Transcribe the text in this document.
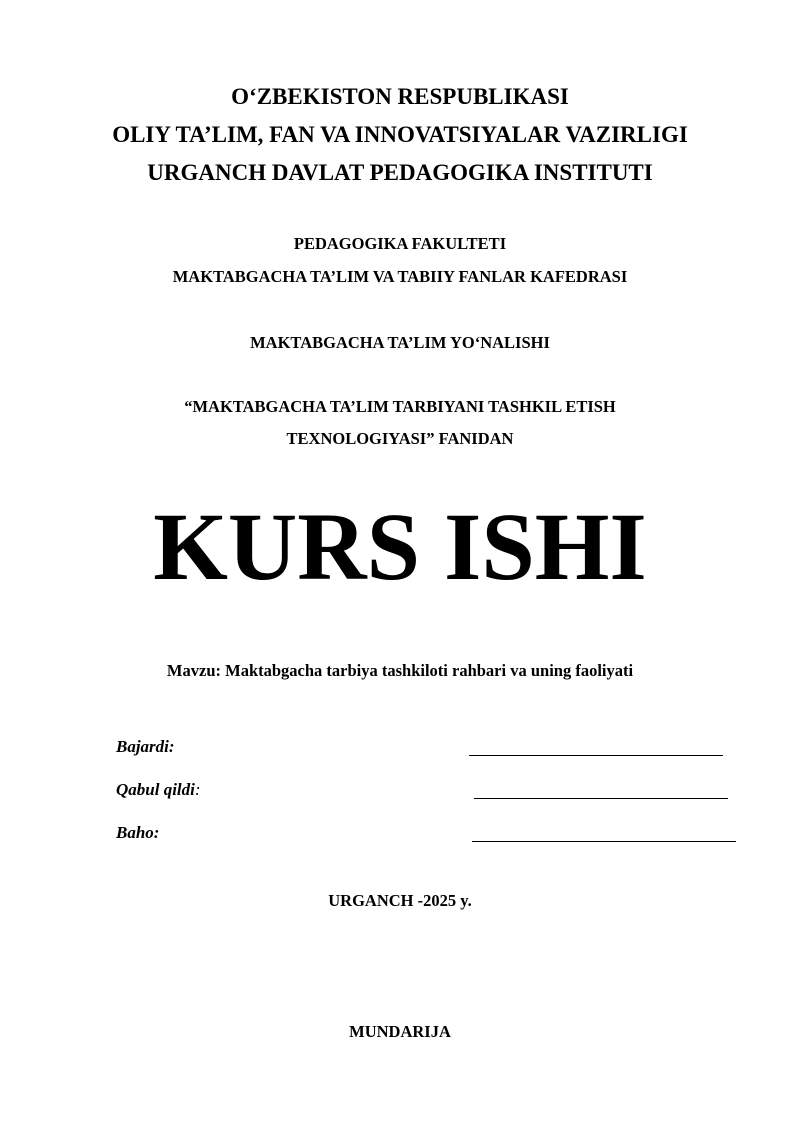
O‘ZBEKISTON RESPUBLIKASI
OLIY TA’LIM, FAN VA INNOVATSIYALAR VAZIRLIGI
URGANCH DAVLAT PEDAGOGIKA INSTITUTI
PEDAGOGIKA FAKULTETI
MAKTABGACHA TA’LIM VA TABIIY FANLAR KAFEDRASI
MAKTABGACHA TA’LIM YO‘NALISHI
“MAKTABGACHA TA’LIM TARBIYANI TASHKIL ETISH
TEXNOLOGIYASI” FANIDAN
KURS ISHI
Mavzu: Maktabgacha tarbiya tashkiloti rahbari va uning faoliyati
Bajardi:
Qabul qildi:
Baho:
URGANCH -2025 y.
MUNDARIJA
